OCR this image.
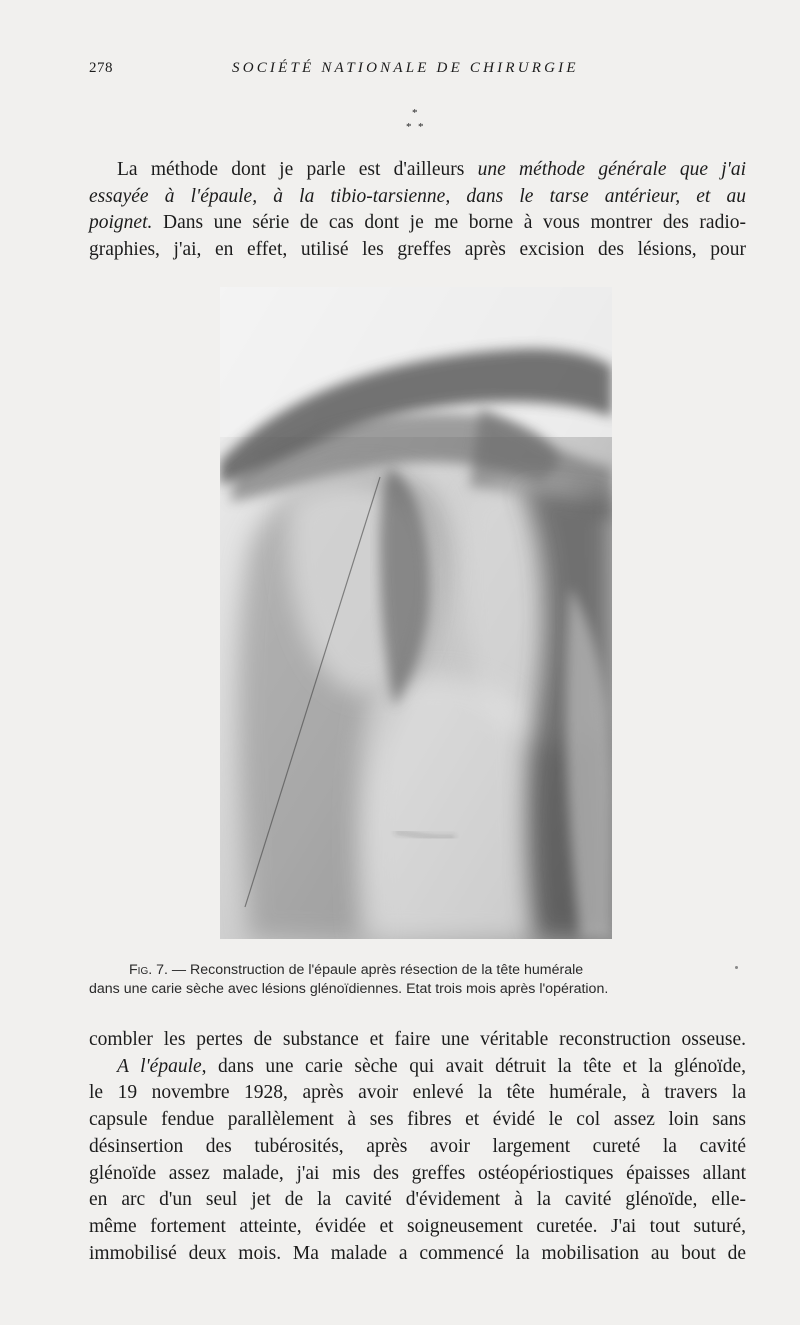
278	SOCIÉTÉ NATIONALE DE CHIRURGIE
*
* *

La méthode dont je parle est d'ailleurs une méthode générale que j'ai
essayée à l'épaule, à la tibio-tarsienne, dans le tarse antérieur, et au
poignet. Dans une série de cas dont je me borne à vous montrer des radio-
graphies, j'ai, en effet, utilisé les greffes après excision des lésions, pour

Fig. 7. — Reconstruction de l'épaule après résection de la tête humérale
dans une carie sèche avec lésions glénoïdiennes. Etat trois mois après l'opération.

combler les pertes de substance et faire une véritable reconstruction osseuse.
A l'épaule, dans une carie sèche qui avait détruit la tête et la glénoïde,
le 19 novembre 1928, après avoir enlevé la tête humérale, à travers la
capsule fendue parallèlement à ses fibres et évidé le col assez loin sans
désinsertion des tubérosités, après avoir largement cureté la cavité
glénoïde assez malade, j'ai mis des greffes ostéopériostiques épaisses allant
en arc d'un seul jet de la cavité d'évidement à la cavité glénoïde, elle-
même fortement atteinte, évidée et soigneusement curetée. J'ai tout suturé,
immobilisé deux mois. Ma malade a commencé la mobilisation au bout de
